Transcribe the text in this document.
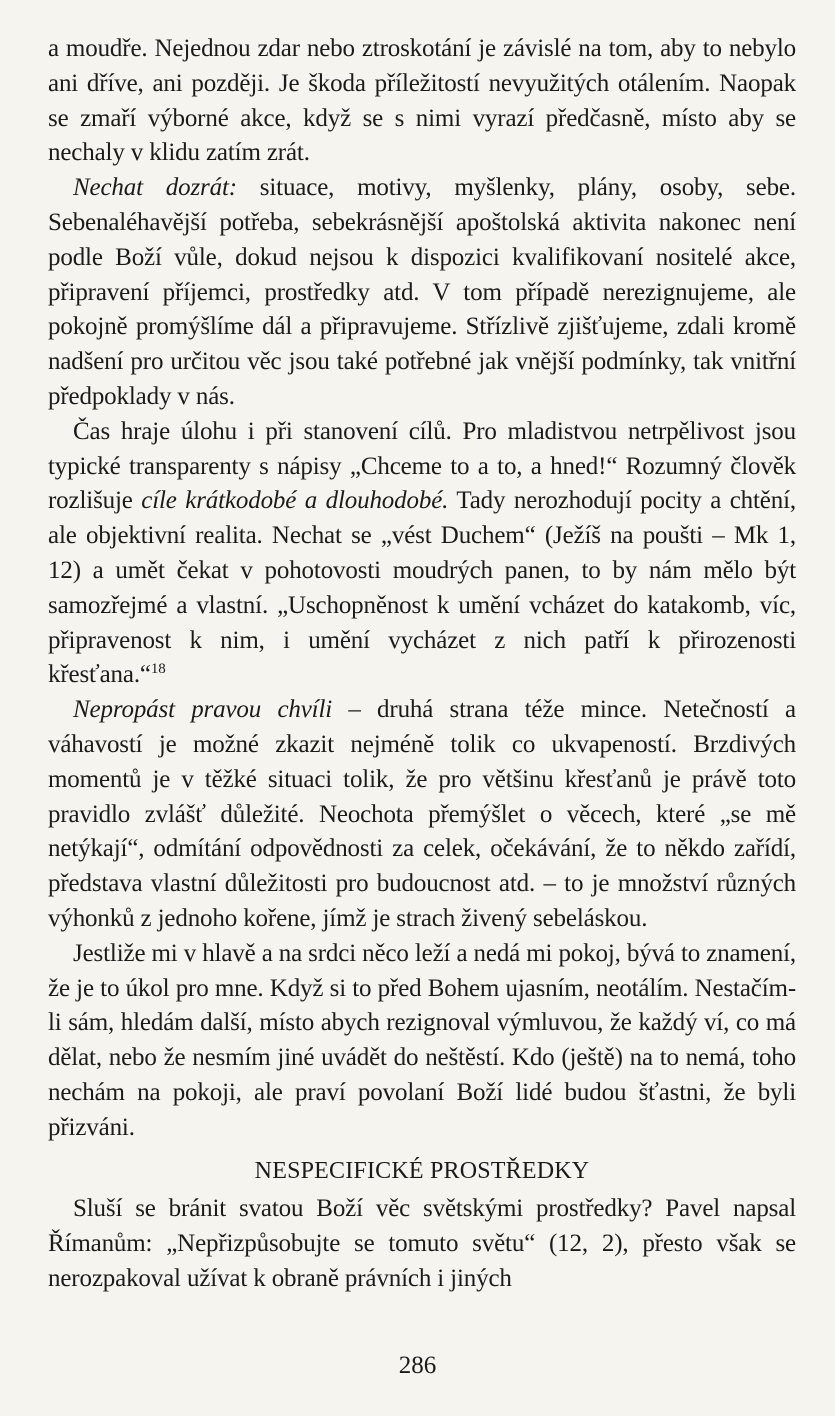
a moudře. Nejednou zdar nebo ztroskotání je závislé na tom, aby to nebylo ani dříve, ani později. Je škoda příležitostí nevyužitých otálením. Naopak se zmaří výborné akce, když se s nimi vyrazí předčasně, místo aby se nechaly v klidu zatím zrát.

Nechat dozrát: situace, motivy, myšlenky, plány, osoby, sebe. Sebenaléhavější potřeba, sebekrásnější apoštolská aktivita nakonec není podle Boží vůle, dokud nejsou k dispozici kvalifikovaní nositelé akce, připravení příjemci, prostředky atd. V tom případě nerezignujeme, ale pokojně promýšlíme dál a připravujeme. Střízlivě zjišťujeme, zdali kromě nadšení pro určitou věc jsou také potřebné jak vnější podmínky, tak vnitřní předpoklady v nás.

Čas hraje úlohu i při stanovení cílů. Pro mladistvou netrpělivost jsou typické transparenty s nápisy „Chceme to a to, a hned!“ Rozumný člověk rozlišuje cíle krátkodobé a dlouhodobé. Tady nerozhodují pocity a chtění, ale objektivní realita. Nechat se „vést Duchem“ (Ježíš na poušti – Mk 1, 12) a umět čekat v pohotovosti moudrých panen, to by nám mělo být samozřejmé a vlastní. „Uschopněnost k umění vcházet do katakomb, víc, připravenost k nim, i umění vycházet z nich patří k přirozenosti křesťana.“$^{18}$

Nepropást pravou chvíli – druhá strana téže mince. Netečností a váhavostí je možné zkazit nejméně tolik co ukvapeností. Brzdivých momentů je v těžké situaci tolik, že pro většinu křesťanů je právě toto pravidlo zvlášť důležité. Neochota přemýšlet o věcech, které „se mě netýkají“, odmítání odpovědnosti za celek, očekávání, že to někdo zařídí, představa vlastní důležitosti pro budoucnost atd. – to je množství různých výhonků z jednoho kořene, jímž je strach živený sebeláskou.

Jestliže mi v hlavě a na srdci něco leží a nedá mi pokoj, bývá to znamení, že je to úkol pro mne. Když si to před Bohem ujasním, neotálím. Nestačím-li sám, hledám další, místo abych rezignoval výmluvou, že každý ví, co má dělat, nebo že nesmím jiné uvádět do neštěstí. Kdo (ještě) na to nemá, toho nechám na pokoji, ale praví povolaní Boží lidé budou šťastni, že byli přizváni.

NESPECIFICKÉ PROSTŘEDKY

Sluší se bránit svatou Boží věc světskými prostředky? Pavel napsal Římanům: „Nepřizpůsobujte se tomuto světu“ (12, 2), přesto však se nerozpakoval užívat k obraně právních i jiných

286
